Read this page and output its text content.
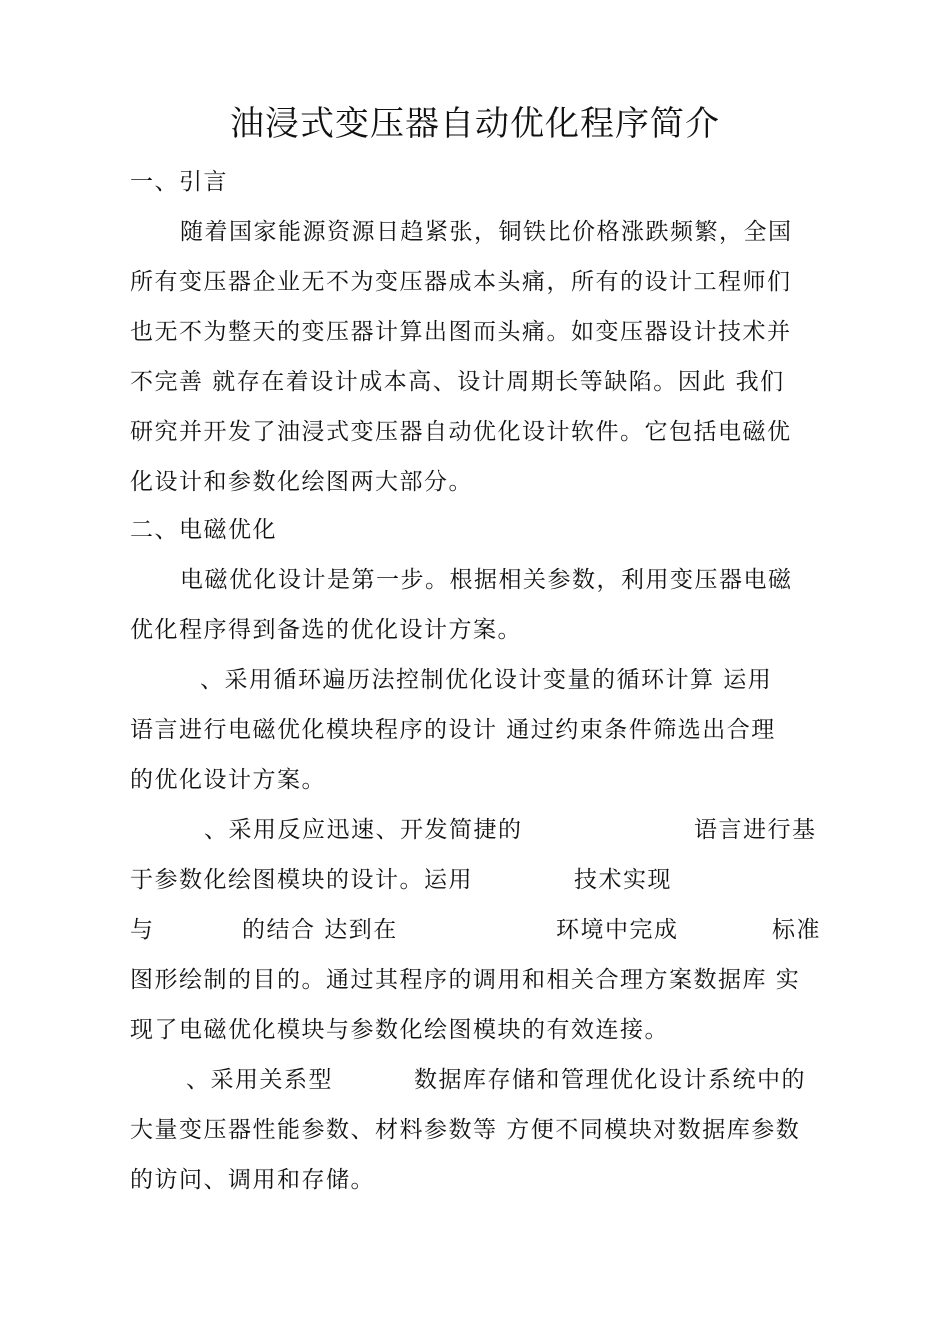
油浸式变压器自动优化程序简介

一、引言

随着国家能源资源日趋紧张，铜铁比价格涨跌频繁，全国

所有变压器企业无不为变压器成本头痛，所有的设计工程师们

也无不为整天的变压器计算出图而头痛。如变压器设计技术并

不完善 就存在着设计成本高、设计周期长等缺陷。因此 我们

研究并开发了油浸式变压器自动优化设计软件。它包括电磁优

化设计和参数化绘图两大部分。

二、电磁优化

电磁优化设计是第一步。根据相关参数，利用变压器电磁

优化程序得到备选的优化设计方案。

、采用循环遍历法控制优化设计变量的循环计算 运用

语言进行电磁优化模块程序的设计 通过约束条件筛选出合理

的优化设计方案。

、采用反应迅速、开发简捷的	语言进行基

于参数化绘图模块的设计。运用	技术实现

与	的结合 达到在	环境中完成	标准

图形绘制的目的。通过其程序的调用和相关合理方案数据库 实

现了电磁优化模块与参数化绘图模块的有效连接。

、采用关系型	数据库存储和管理优化设计系统中的

大量变压器性能参数、材料参数等 方便不同模块对数据库参数

的访问、调用和存储。
